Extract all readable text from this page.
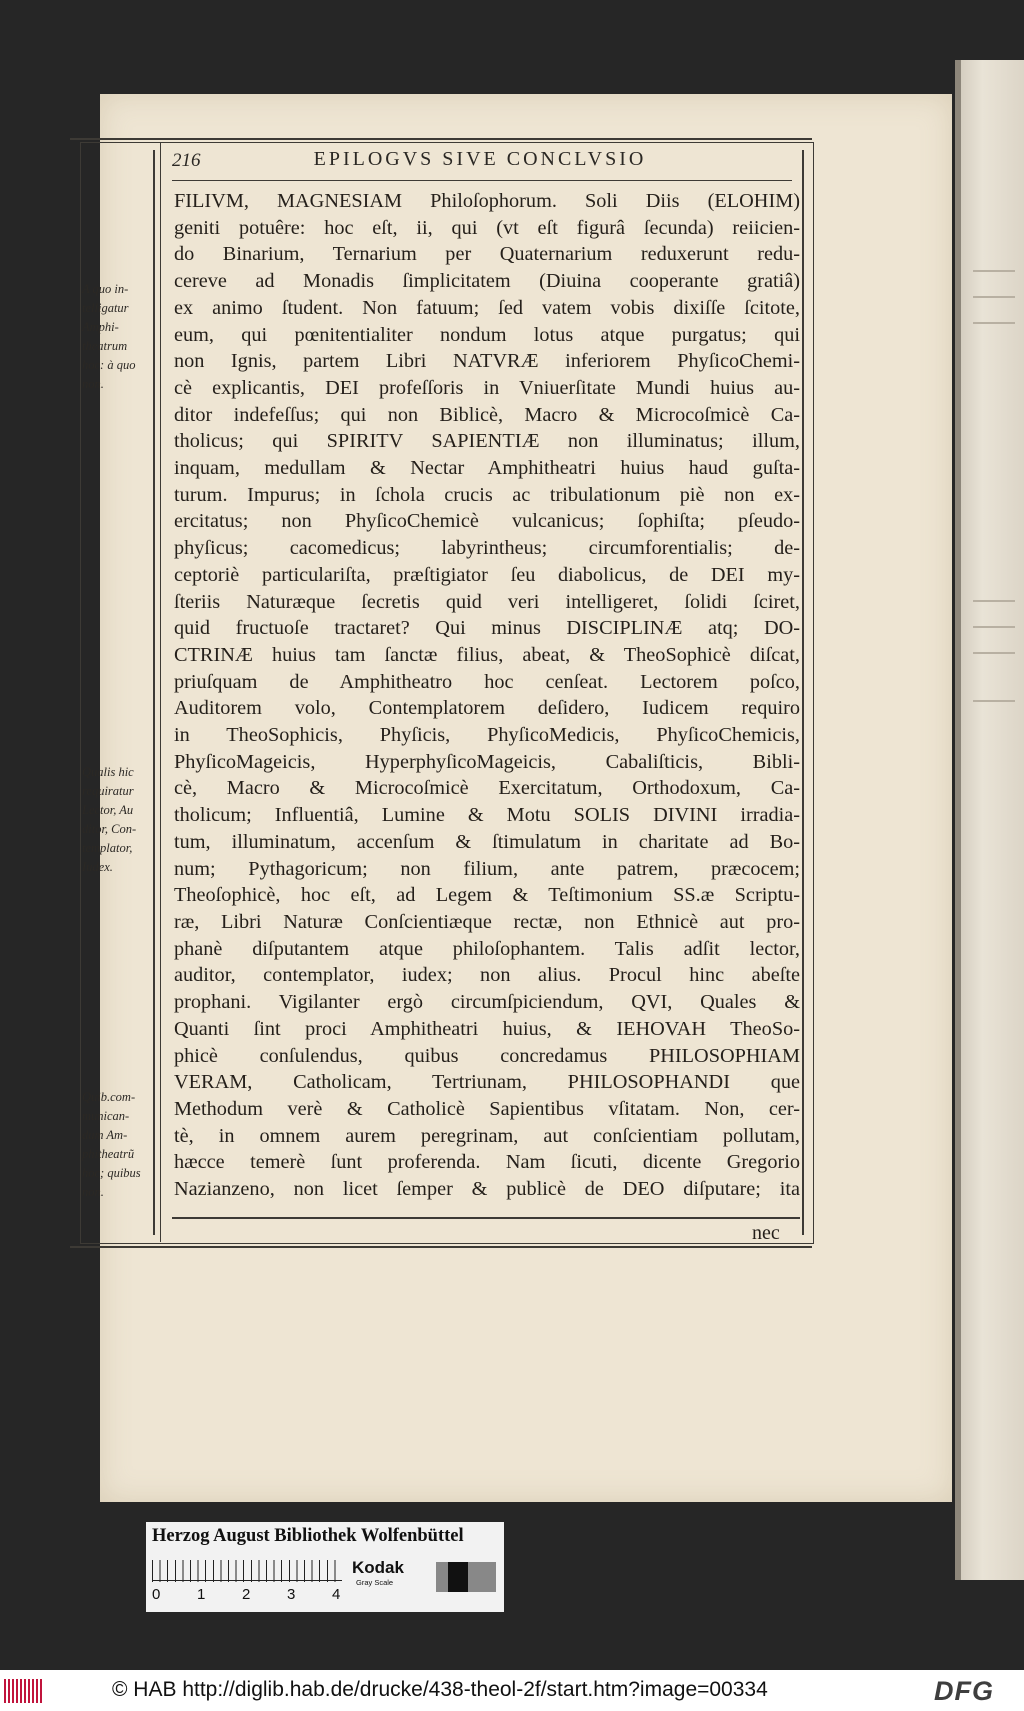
A quo in-
telligatur
Amphi-
theatrum
hoc: à quo
non.
Qualis hic
requiratur
Lector, Au
ditor, Con-
templator,
Iudex.
Quib.com-
munican-
dum Am-
phitheatrũ
hoc; quibus
non.
216	EPILOGVS SIVE CONCLVSIO
FILIVM, MAGNESIAM Philoſophorum. Soli Diis (ELOHIM)
geniti potuêre: hoc eſt, ii, qui (vt eſt figurâ ſecunda) reiicien-
do Binarium, Ternarium per Quaternarium reduxerunt redu-
cereve ad Monadis ſimplicitatem (Diuina cooperante gratiâ)
ex animo ſtudent. Non fatuum; ſed vatem vobis dixiſſe ſcitote,
eum, qui pœnitentialiter nondum lotus atque purgatus; qui
non Ignis, partem Libri NATVRÆ inferiorem PhyſicoChemi-
cè explicantis, DEI profeſſoris in Vniuerſitate Mundi huius au-
ditor indefeſſus; qui non Biblicè, Macro & Microcoſmicè Ca-
tholicus; qui SPIRITV SAPIENTIÆ non illuminatus; illum,
inquam, medullam & Nectar Amphitheatri huius haud guſta-
turum. Impurus; in ſchola crucis ac tribulationum piè non ex-
ercitatus; non PhyſicoChemicè vulcanicus; ſophiſta; pſeudo-
phyſicus; cacomedicus; labyrintheus; circumforentialis; de-
ceptoriè particulariſta, præſtigiator ſeu diabolicus, de DEI my-
ſteriis Naturæque ſecretis quid veri intelligeret, ſolidi ſciret,
quid fructuoſe tractaret? Qui minus DISCIPLINÆ atq; DO-
CTRINÆ huius tam ſanctæ filius, abeat, & TheoSophicè diſcat,
priuſquam de Amphitheatro hoc cenſeat. Lectorem poſco,
Auditorem volo, Contemplatorem deſidero, Iudicem requiro
in TheoSophicis, Phyſicis, PhyſicoMedicis, PhyſicoChemicis,
PhyſicoMageicis, HyperphyſicoMageicis, Cabaliſticis, Bibli-
cè, Macro & Microcoſmicè Exercitatum, Orthodoxum, Ca-
tholicum; Influentiâ, Lumine & Motu SOLIS DIVINI irradia-
tum, illuminatum, accenſum & ſtimulatum in charitate ad Bo-
num; Pythagoricum; non filium, ante patrem, præcocem;
Theoſophicè, hoc eſt, ad Legem & Teſtimonium SS.æ Scriptu-
ræ, Libri Naturæ Conſcientiæque rectæ, non Ethnicè aut pro-
phanè diſputantem atque philoſophantem. Talis adſit lector,
auditor, contemplator, iudex; non alius. Procul hinc abeſte
prophani. Vigilanter ergò circumſpiciendum, QVI, Quales &
Quanti ſint proci Amphitheatri huius, & IEHOVAH TheoSo-
phicè conſulendus, quibus concredamus PHILOSOPHIAM
VERAM, Catholicam, Tertriunam, PHILOSOPHANDI que
Methodum verè & Catholicè Sapientibus vſitatam. Non, cer-
tè, in omnem aurem peregrinam, aut conſcientiam pollutam,
hæcce temerè ſunt proferenda. Nam ſicuti, dicente Gregorio
Nazianzeno, non licet ſemper & publicè de DEO diſputare; ita
nec
Herzog August Bibliothek Wolfenbüttel
0 1 2 3 4
Kodak
Gray Scale
© HAB http://diglib.hab.de/drucke/438-theol-2f/start.htm?image=00334	DFG
